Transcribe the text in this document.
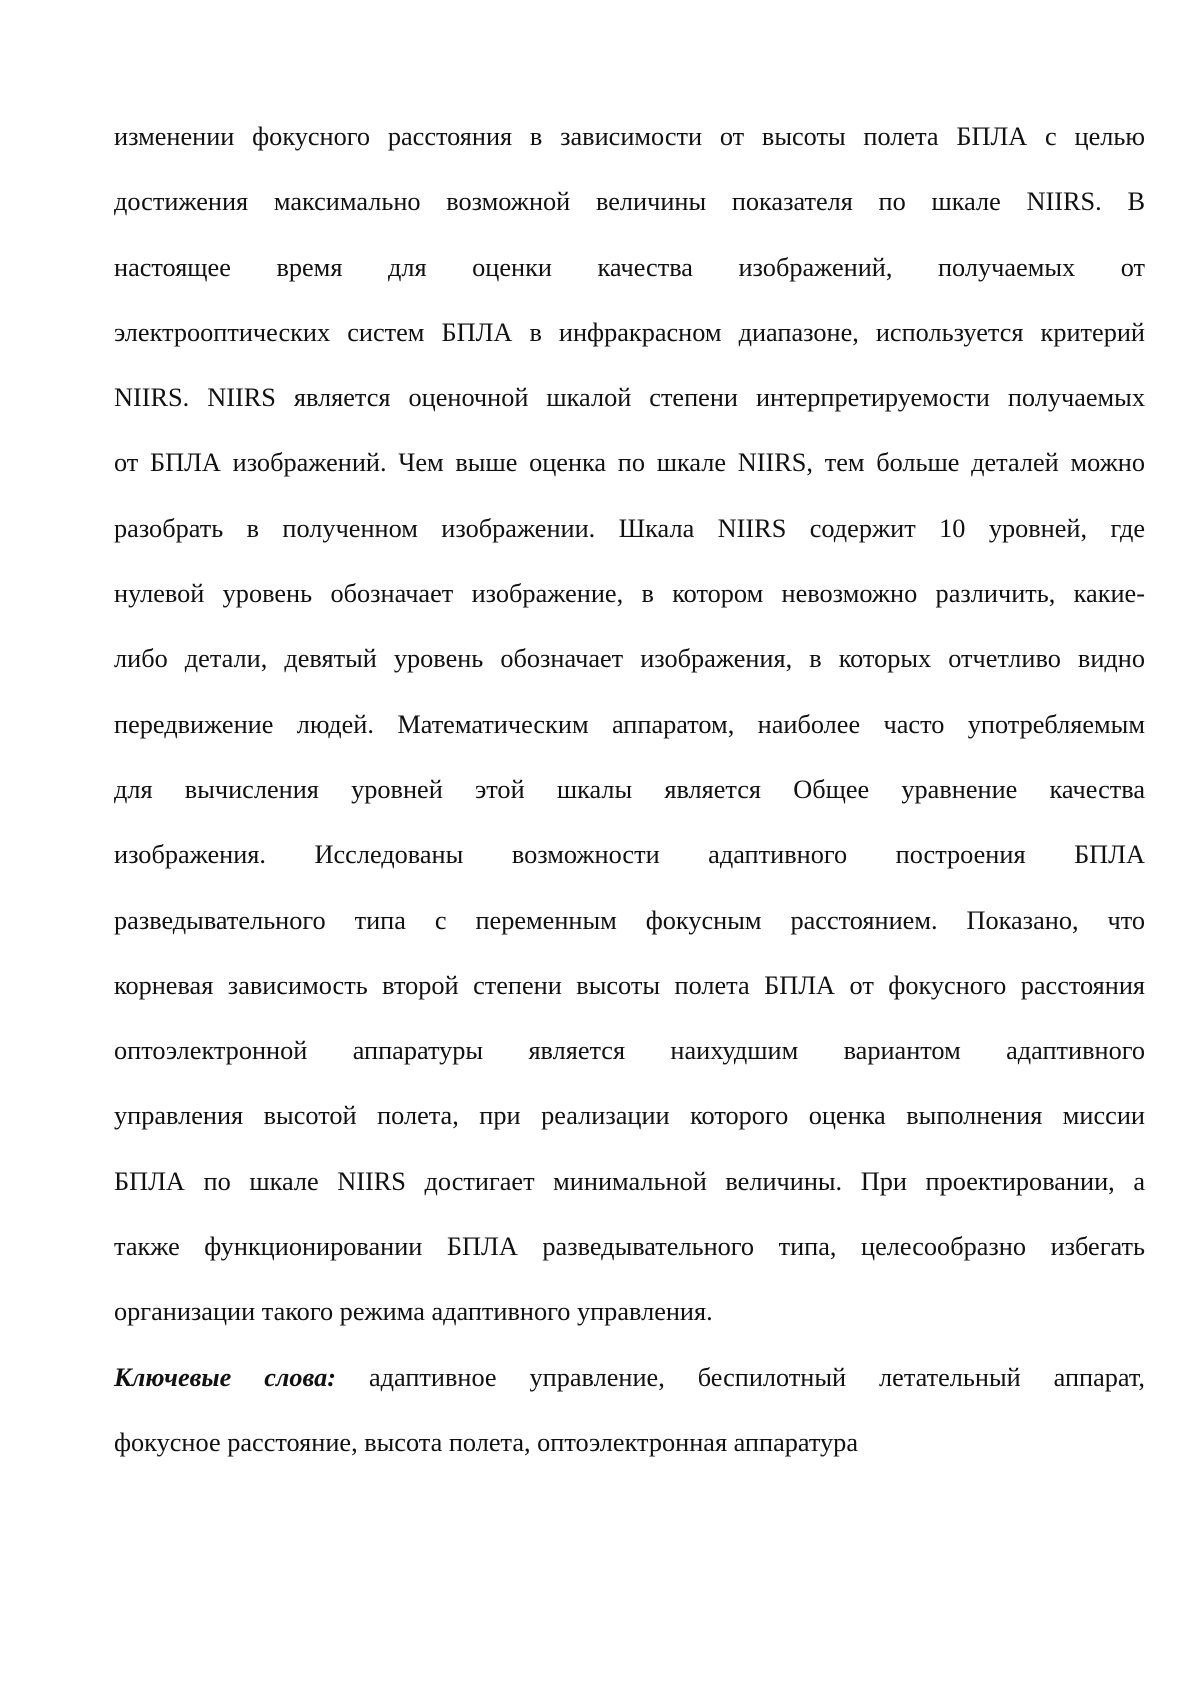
изменении фокусного расстояния в зависимости от высоты полета БПЛА с целью
достижения максимально возможной величины показателя по шкале NIIRS. В
настоящее время для оценки качества изображений, получаемых от
электрооптических систем БПЛА в инфракрасном диапазоне, используется критерий
NIIRS. NIIRS является оценочной шкалой степени интерпретируемости получаемых
от БПЛА изображений. Чем выше оценка по шкале NIIRS, тем больше деталей можно
разобрать в полученном изображении. Шкала NIIRS содержит 10 уровней, где
нулевой уровень обозначает изображение, в котором невозможно различить, какие-
либо детали, девятый уровень обозначает изображения, в которых отчетливо видно
передвижение людей. Математическим аппаратом, наиболее часто употребляемым
для вычисления уровней этой шкалы является Общее уравнение качества
изображения. Исследованы возможности адаптивного построения БПЛА
разведывательного типа с переменным фокусным расстоянием. Показано, что
корневая зависимость второй степени высоты полета БПЛА от фокусного расстояния
оптоэлектронной аппаратуры является наихудшим вариантом адаптивного
управления высотой полета, при реализации которого оценка выполнения миссии
БПЛА по шкале NIIRS достигает минимальной величины. При проектировании, а
также функционировании БПЛА разведывательного типа, целесообразно избегать
организации такого режима адаптивного управления.
Ключевые слова: адаптивное управление, беспилотный летательный аппарат,
фокусное расстояние, высота полета, оптоэлектронная аппаратура
